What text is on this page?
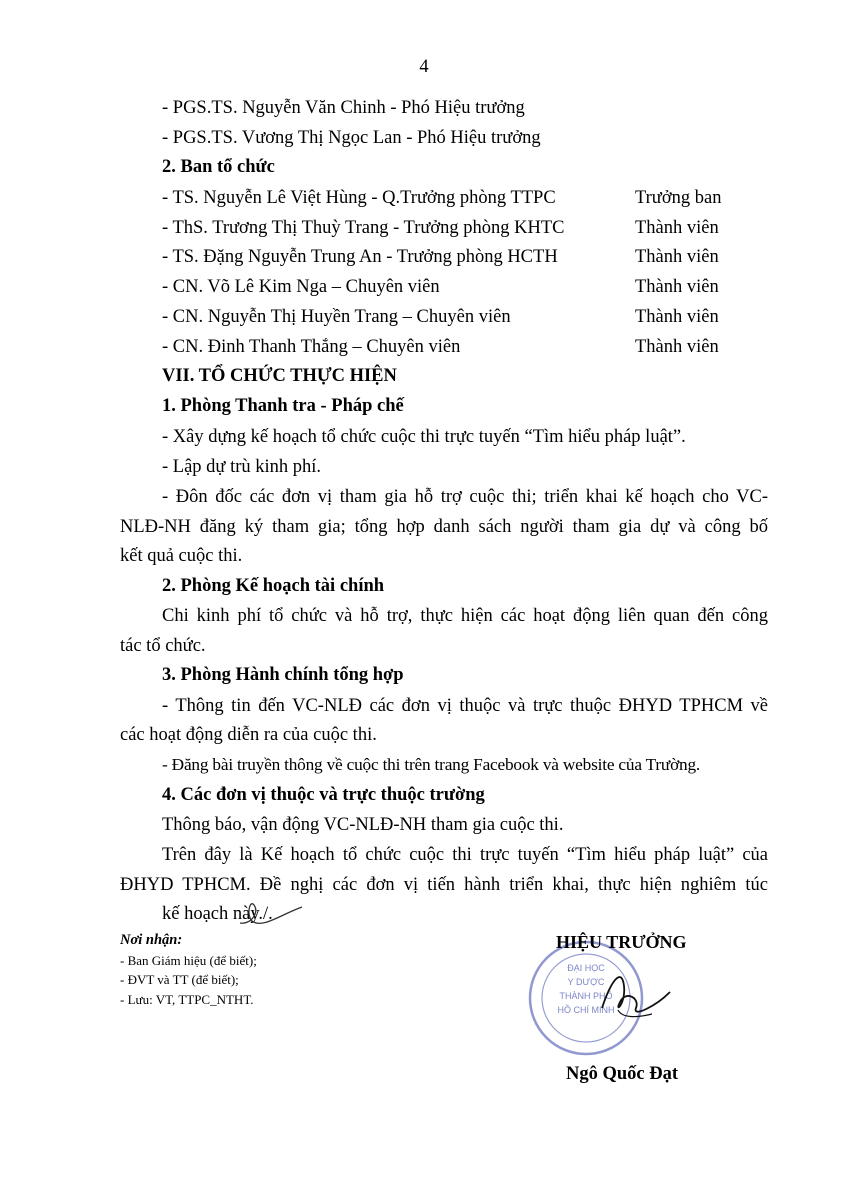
4
- PGS.TS. Nguyễn Văn Chinh - Phó Hiệu trưởng
- PGS.TS. Vương Thị Ngọc Lan - Phó Hiệu trưởng
2. Ban tổ chức
- TS. Nguyễn Lê Việt Hùng - Q.Trưởng phòng TTPC	Trưởng ban
- ThS. Trương Thị Thuỳ Trang - Trưởng phòng KHTC	Thành viên
- TS. Đặng Nguyễn Trung An - Trưởng phòng HCTH	Thành viên
- CN. Võ Lê Kim Nga – Chuyên viên	Thành viên
- CN. Nguyễn Thị Huyền Trang – Chuyên viên	Thành viên
- CN. Đinh Thanh Thắng – Chuyên viên	Thành viên
VII. TỔ CHỨC THỰC HIỆN
1. Phòng Thanh tra - Pháp chế
- Xây dựng kế hoạch tổ chức cuộc thi trực tuyến “Tìm hiểu pháp luật”.
- Lập dự trù kinh phí.
- Đôn đốc các đơn vị tham gia hỗ trợ cuộc thi; triển khai kế hoạch cho VC-
NLĐ-NH đăng ký tham gia; tổng hợp danh sách người tham gia dự và công bố
kết quả cuộc thi.
2. Phòng Kế hoạch tài chính
Chi kinh phí tổ chức và hỗ trợ, thực hiện các hoạt động liên quan đến công
tác tổ chức.
3. Phòng Hành chính tổng hợp
- Thông tin đến VC-NLĐ các đơn vị thuộc và trực thuộc ĐHYD TPHCM về
các hoạt động diễn ra của cuộc thi.
- Đăng bài truyền thông về cuộc thi trên trang Facebook và website của Trường.
4. Các đơn vị thuộc và trực thuộc trường
Thông báo, vận động VC-NLĐ-NH tham gia cuộc thi.
Trên đây là Kế hoạch tổ chức cuộc thi trực tuyến “Tìm hiểu pháp luật” của
ĐHYD TPHCM. Đề nghị các đơn vị tiến hành triển khai, thực hiện nghiêm túc
kế hoạch này./.
Nơi nhận:
- Ban Giám hiệu (để biết);
- ĐVT và TT (để biết);
- Lưu: VT, TTPC_NTHT.
ĐẠI HỌC
Y DƯỢC
THÀNH PHỐ
HỒ CHÍ MINH
HIỆU TRƯỞNG
Ngô Quốc Đạt
